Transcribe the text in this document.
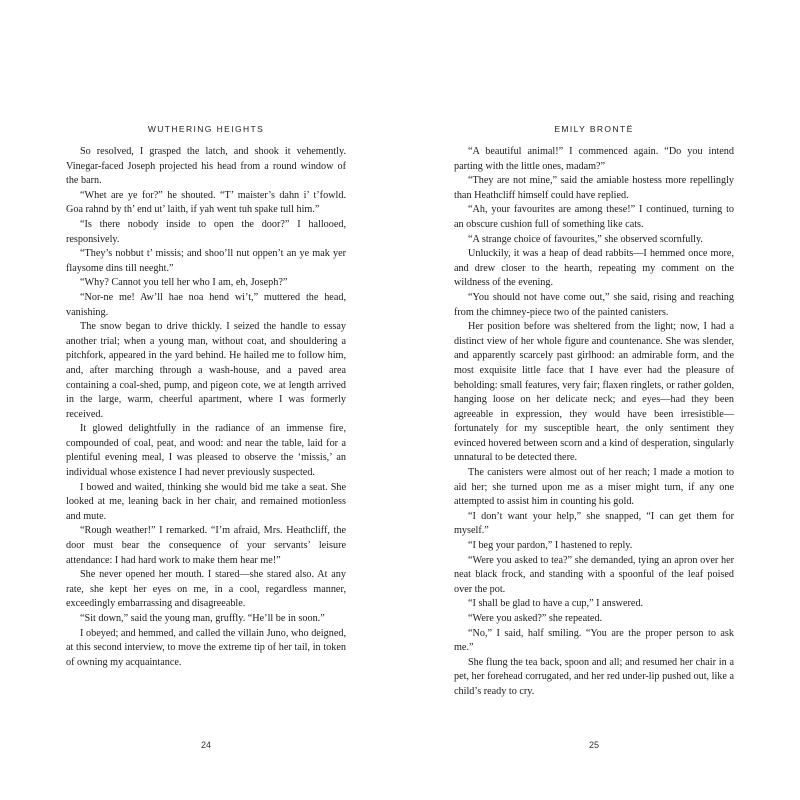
WUTHERING HEIGHTS

So resolved, I grasped the latch, and shook it vehemently. Vinegar-faced Joseph projected his head from a round window of the barn.

“Whet are ye for?” he shouted. “T’ maister’s dahn i’ t’fowld. Goa rahnd by th’ end ut’ laith, if yah went tuh spake tull him.”

“Is there nobody inside to open the door?” I hallooed, responsively.

“They’s nobbut t’ missis; and shoo’ll nut oppen’t an ye mak yer flaysome dins till neeght.”

“Why? Cannot you tell her who I am, eh, Joseph?”

“Nor-ne me! Aw’ll hae noa hend wi’t,” muttered the head, vanishing.

The snow began to drive thickly. I seized the handle to essay another trial; when a young man, without coat, and shouldering a pitchfork, appeared in the yard behind. He hailed me to follow him, and, after marching through a wash-house, and a paved area containing a coal-shed, pump, and pigeon cote, we at length arrived in the large, warm, cheerful apartment, where I was formerly received.

It glowed delightfully in the radiance of an immense fire, compounded of coal, peat, and wood: and near the table, laid for a plentiful evening meal, I was pleased to observe the ‘missis,’ an individual whose existence I had never previously suspected.

I bowed and waited, thinking she would bid me take a seat. She looked at me, leaning back in her chair, and remained motionless and mute.

“Rough weather!” I remarked. “I’m afraid, Mrs. Heathcliff, the door must bear the consequence of your servants’ leisure attendance: I had hard work to make them hear me!”

She never opened her mouth. I stared—she stared also. At any rate, she kept her eyes on me, in a cool, regardless manner, exceedingly embarrassing and disagreeable.

“Sit down,” said the young man, gruffly. “He’ll be in soon.”

I obeyed; and hemmed, and called the villain Juno, who deigned, at this second interview, to move the extreme tip of her tail, in token of owning my acquaintance.

24
EMILY BRONTË

“A beautiful animal!” I commenced again. “Do you intend parting with the little ones, madam?”

“They are not mine,” said the amiable hostess more repellingly than Heathcliff himself could have replied.

“Ah, your favourites are among these!” I continued, turning to an obscure cushion full of something like cats.

“A strange choice of favourites,” she observed scornfully.

Unluckily, it was a heap of dead rabbits—I hemmed once more, and drew closer to the hearth, repeating my comment on the wildness of the evening.

“You should not have come out,” she said, rising and reaching from the chimney-piece two of the painted canisters.

Her position before was sheltered from the light; now, I had a distinct view of her whole figure and countenance. She was slender, and apparently scarcely past girlhood: an admirable form, and the most exquisite little face that I have ever had the pleasure of beholding: small features, very fair; flaxen ringlets, or rather golden, hanging loose on her delicate neck; and eyes—had they been agreeable in expression, they would have been irresistible—fortunately for my susceptible heart, the only sentiment they evinced hovered between scorn and a kind of desperation, singularly unnatural to be detected there.

The canisters were almost out of her reach; I made a motion to aid her; she turned upon me as a miser might turn, if any one attempted to assist him in counting his gold.

“I don’t want your help,” she snapped, “I can get them for myself.”

“I beg your pardon,” I hastened to reply.

“Were you asked to tea?” she demanded, tying an apron over her neat black frock, and standing with a spoonful of the leaf poised over the pot.

“I shall be glad to have a cup,” I answered.

“Were you asked?” she repeated.

“No,” I said, half smiling. “You are the proper person to ask me.”

She flung the tea back, spoon and all; and resumed her chair in a pet, her forehead corrugated, and her red under-lip pushed out, like a child’s ready to cry.

25
